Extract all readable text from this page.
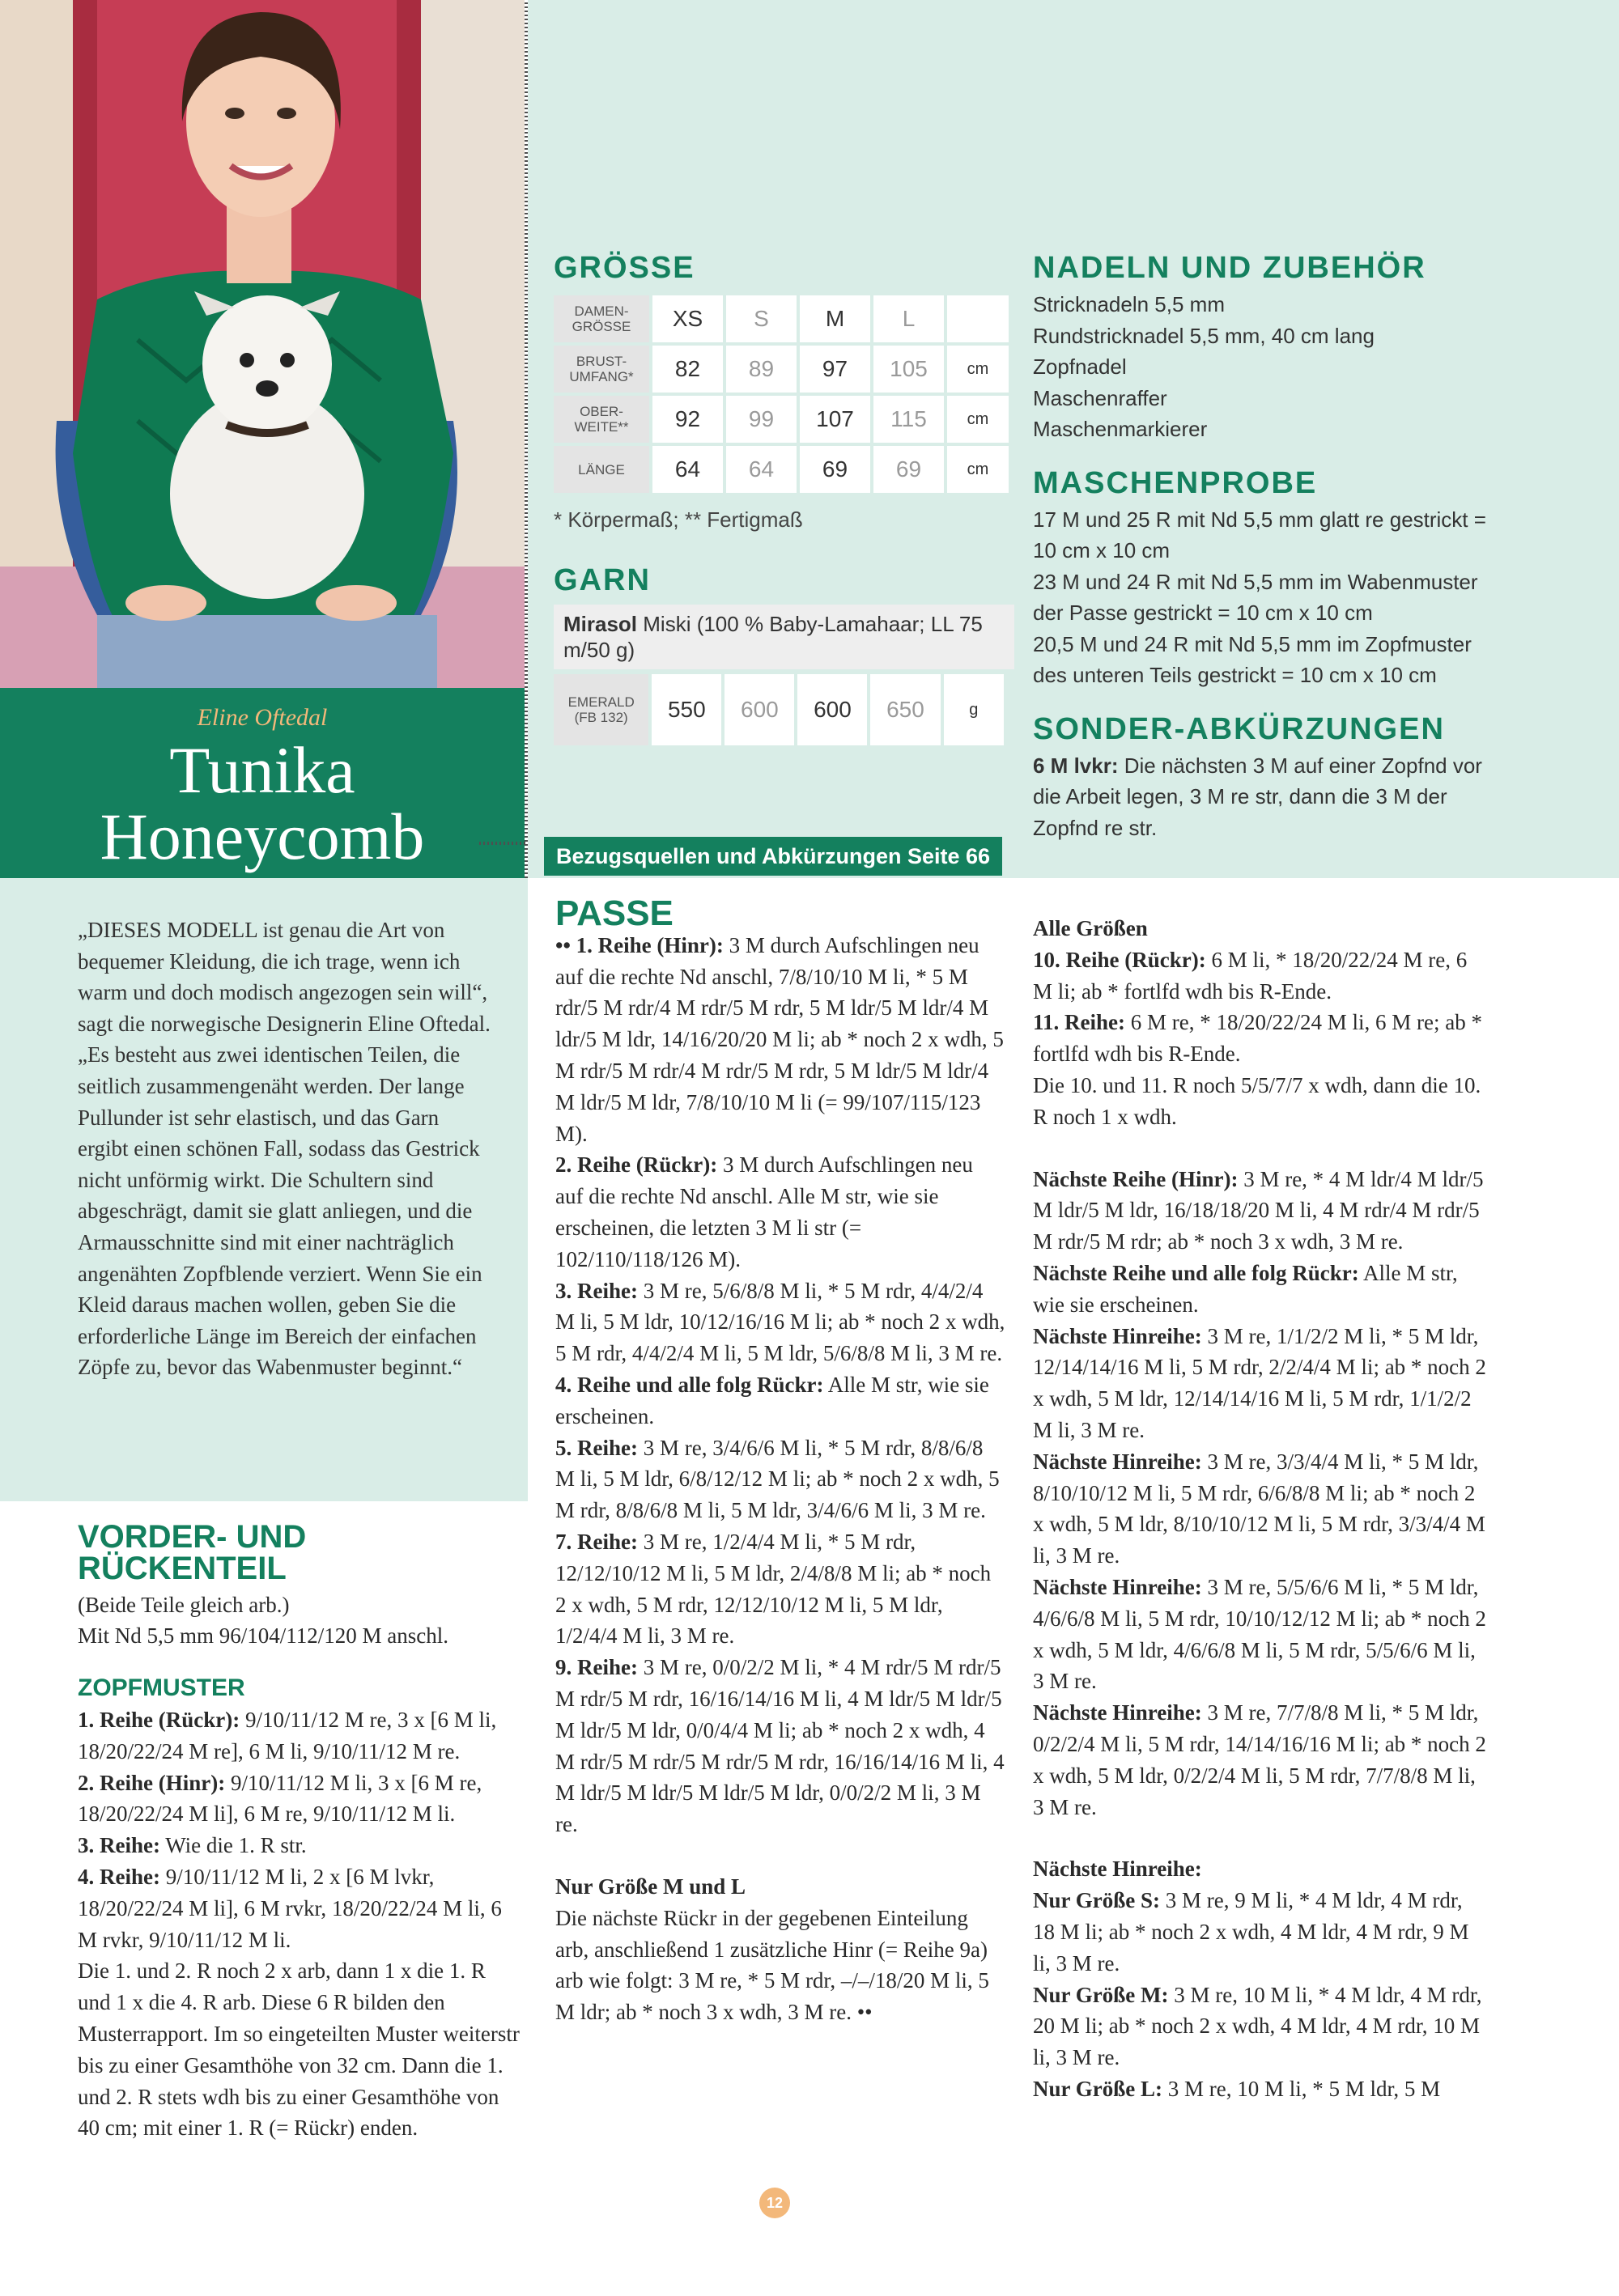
Eline Oftedal
Tunika
Honeycomb
„DIESES MODELL ist genau die Art von bequemer Kleidung, die ich trage, wenn ich warm und doch modisch angezogen sein will“, sagt die norwegische Designerin Eline Oftedal. „Es besteht aus zwei identischen Teilen, die seitlich zusammengenäht werden. Der lange Pullunder ist sehr elastisch, und das Garn ergibt einen schönen Fall, sodass das Gestrick nicht unförmig wirkt. Die Schultern sind abgeschrägt, damit sie glatt anliegen, und die Armausschnitte sind mit einer nachträglich angenähten Zopfblende verziert. Wenn Sie ein Kleid daraus machen wollen, geben Sie die erforderliche Länge im Bereich der einfachen Zöpfe zu, bevor das Wabenmuster beginnt.“
GRÖSSE
DAMEN-
GRÖSSE	XS	S	M	L	
BRUST-
UMFANG*	82	89	97	105	cm
OBER-
WEITE**	92	99	107	115	cm
LÄNGE	64	64	69	69	cm
* Körpermaß; ** Fertigmaß
GARN
Mirasol Miski (100 % Baby-Lamahaar; LL 75 m/50 g)
EMERALD
(FB 132)	550	600	600	650	g
Bezugsquellen und Abkürzungen Seite 66
NADELN UND ZUBEHÖR
Stricknadeln 5,5 mm
Rundstricknadel 5,5 mm, 40 cm lang
Zopfnadel
Maschenraffer
Maschenmarkierer
MASCHENPROBE
17 M und 25 R mit Nd 5,5 mm glatt re gestrickt = 10 cm x 10 cm
23 M und 24 R mit Nd 5,5 mm im Wabenmuster der Passe gestrickt = 10 cm x 10 cm
20,5 M und 24 R mit Nd 5,5 mm im Zopfmuster des unteren Teils gestrickt = 10 cm x 10 cm
SONDER-ABKÜRZUNGEN
6 M lvkr: Die nächsten 3 M auf einer Zopfnd vor die Arbeit legen, 3 M re str, dann die 3 M der Zopfnd re str.
VORDER- UND RÜCKENTEIL

(Beide Teile gleich arb.)

Mit Nd 5,5 mm 96/104/112/120 M anschl.

ZOPFMUSTER

1. Reihe (Rückr): 9/10/11/12 M re, 3 x [6 M li, 18/20/22/24 M re], 6 M li, 9/10/11/12 M re.

2. Reihe (Hinr): 9/10/11/12 M li, 3 x [6 M re, 18/20/22/24 M li], 6 M re, 9/10/11/12 M li.

3. Reihe: Wie die 1. R str.

4. Reihe: 9/10/11/12 M li, 2 x [6 M lvkr, 18/20/22/24 M li], 6 M rvkr, 18/20/22/24 M li, 6 M rvkr, 9/10/11/12 M li.

Die 1. und 2. R noch 2 x arb, dann 1 x die 1. R und 1 x die 4. R arb. Diese 6 R bilden den Musterrapport. Im so eingeteilten Muster weiterstr bis zu einer Gesamthöhe von 32 cm. Dann die 1. und 2. R stets wdh bis zu einer Gesamthöhe von 40 cm; mit einer 1. R (= Rückr) enden.

PASSE

•• 1. Reihe (Hinr): 3 M durch Aufschlingen neu auf die rechte Nd anschl, 7/8/10/10 M li, * 5 M rdr/5 M rdr/4 M rdr/5 M rdr, 5 M ldr/5 M ldr/4 M ldr/5 M ldr, 14/16/20/20 M li; ab * noch 2 x wdh, 5 M rdr/5 M rdr/4 M rdr/5 M rdr, 5 M ldr/5 M ldr/4 M ldr/5 M ldr, 7/8/10/10 M li (= 99/107/115/123 M).

2. Reihe (Rückr): 3 M durch Aufschlingen neu auf die rechte Nd anschl. Alle M str, wie sie erscheinen, die letzten 3 M li str (= 102/110/118/126 M).

3. Reihe: 3 M re, 5/6/8/8 M li, * 5 M rdr, 4/4/2/4 M li, 5 M ldr, 10/12/16/16 M li; ab * noch 2 x wdh, 5 M rdr, 4/4/2/4 M li, 5 M ldr, 5/6/8/8 M li, 3 M re.

4. Reihe und alle folg Rückr: Alle M str, wie sie erscheinen.

5. Reihe: 3 M re, 3/4/6/6 M li, * 5 M rdr, 8/8/6/8 M li, 5 M ldr, 6/8/12/12 M li; ab * noch 2 x wdh, 5 M rdr, 8/8/6/8 M li, 5 M ldr, 3/4/6/6 M li, 3 M re.

7. Reihe: 3 M re, 1/2/4/4 M li, * 5 M rdr, 12/12/10/12 M li, 5 M ldr, 2/4/8/8 M li; ab * noch 2 x wdh, 5 M rdr, 12/12/10/12 M li, 5 M ldr, 1/2/4/4 M li, 3 M re.

9. Reihe: 3 M re, 0/0/2/2 M li, * 4 M rdr/5 M rdr/5 M rdr/5 M rdr, 16/16/14/16 M li, 4 M ldr/5 M ldr/5 M ldr/5 M ldr, 0/0/4/4 M li; ab * noch 2 x wdh, 4 M rdr/5 M rdr/5 M rdr/5 M rdr, 16/16/14/16 M li, 4 M ldr/5 M ldr/5 M ldr/5 M ldr, 0/0/2/2 M li, 3 M re.

Nur Größe M und L

Die nächste Rückr in der gegebenen Einteilung arb, anschließend 1 zusätzliche Hinr (= Reihe 9a) arb wie folgt: 3 M re, * 5 M rdr, –/–/18/20 M li, 5 M ldr; ab * noch 3 x wdh, 3 M re. ••

Alle Größen

10. Reihe (Rückr): 6 M li, * 18/20/22/24 M re, 6 M li; ab * fortlfd wdh bis R-Ende.

11. Reihe: 6 M re, * 18/20/22/24 M li, 6 M re; ab * fortlfd wdh bis R-Ende.

Die 10. und 11. R noch 5/5/7/7 x wdh, dann die 10. R noch 1 x wdh.

Nächste Reihe (Hinr): 3 M re, * 4 M ldr/4 M ldr/5 M ldr/5 M ldr, 16/18/18/20 M li, 4 M rdr/4 M rdr/5 M rdr/5 M rdr; ab * noch 3 x wdh, 3 M re.

Nächste Reihe und alle folg Rückr: Alle M str, wie sie erscheinen.

Nächste Hinreihe: 3 M re, 1/1/2/2 M li, * 5 M ldr, 12/14/14/16 M li, 5 M rdr, 2/2/4/4 M li; ab * noch 2 x wdh, 5 M ldr, 12/14/14/16 M li, 5 M rdr, 1/1/2/2 M li, 3 M re.

Nächste Hinreihe: 3 M re, 3/3/4/4 M li, * 5 M ldr, 8/10/10/12 M li, 5 M rdr, 6/6/8/8 M li; ab * noch 2 x wdh, 5 M ldr, 8/10/10/12 M li, 5 M rdr, 3/3/4/4 M li, 3 M re.

Nächste Hinreihe: 3 M re, 5/5/6/6 M li, * 5 M ldr, 4/6/6/8 M li, 5 M rdr, 10/10/12/12 M li; ab * noch 2 x wdh, 5 M ldr, 4/6/6/8 M li, 5 M rdr, 5/5/6/6 M li, 3 M re.

Nächste Hinreihe: 3 M re, 7/7/8/8 M li, * 5 M ldr, 0/2/2/4 M li, 5 M rdr, 14/14/16/16 M li; ab * noch 2 x wdh, 5 M ldr, 0/2/2/4 M li, 5 M rdr, 7/7/8/8 M li, 3 M re.

Nächste Hinreihe:

Nur Größe S: 3 M re, 9 M li, * 4 M ldr, 4 M rdr, 18 M li; ab * noch 2 x wdh, 4 M ldr, 4 M rdr, 9 M li, 3 M re.

Nur Größe M: 3 M re, 10 M li, * 4 M ldr, 4 M rdr, 20 M li; ab * noch 2 x wdh, 4 M ldr, 4 M rdr, 10 M li, 3 M re.

Nur Größe L: 3 M re, 10 M li, * 5 M ldr, 5 M

12
